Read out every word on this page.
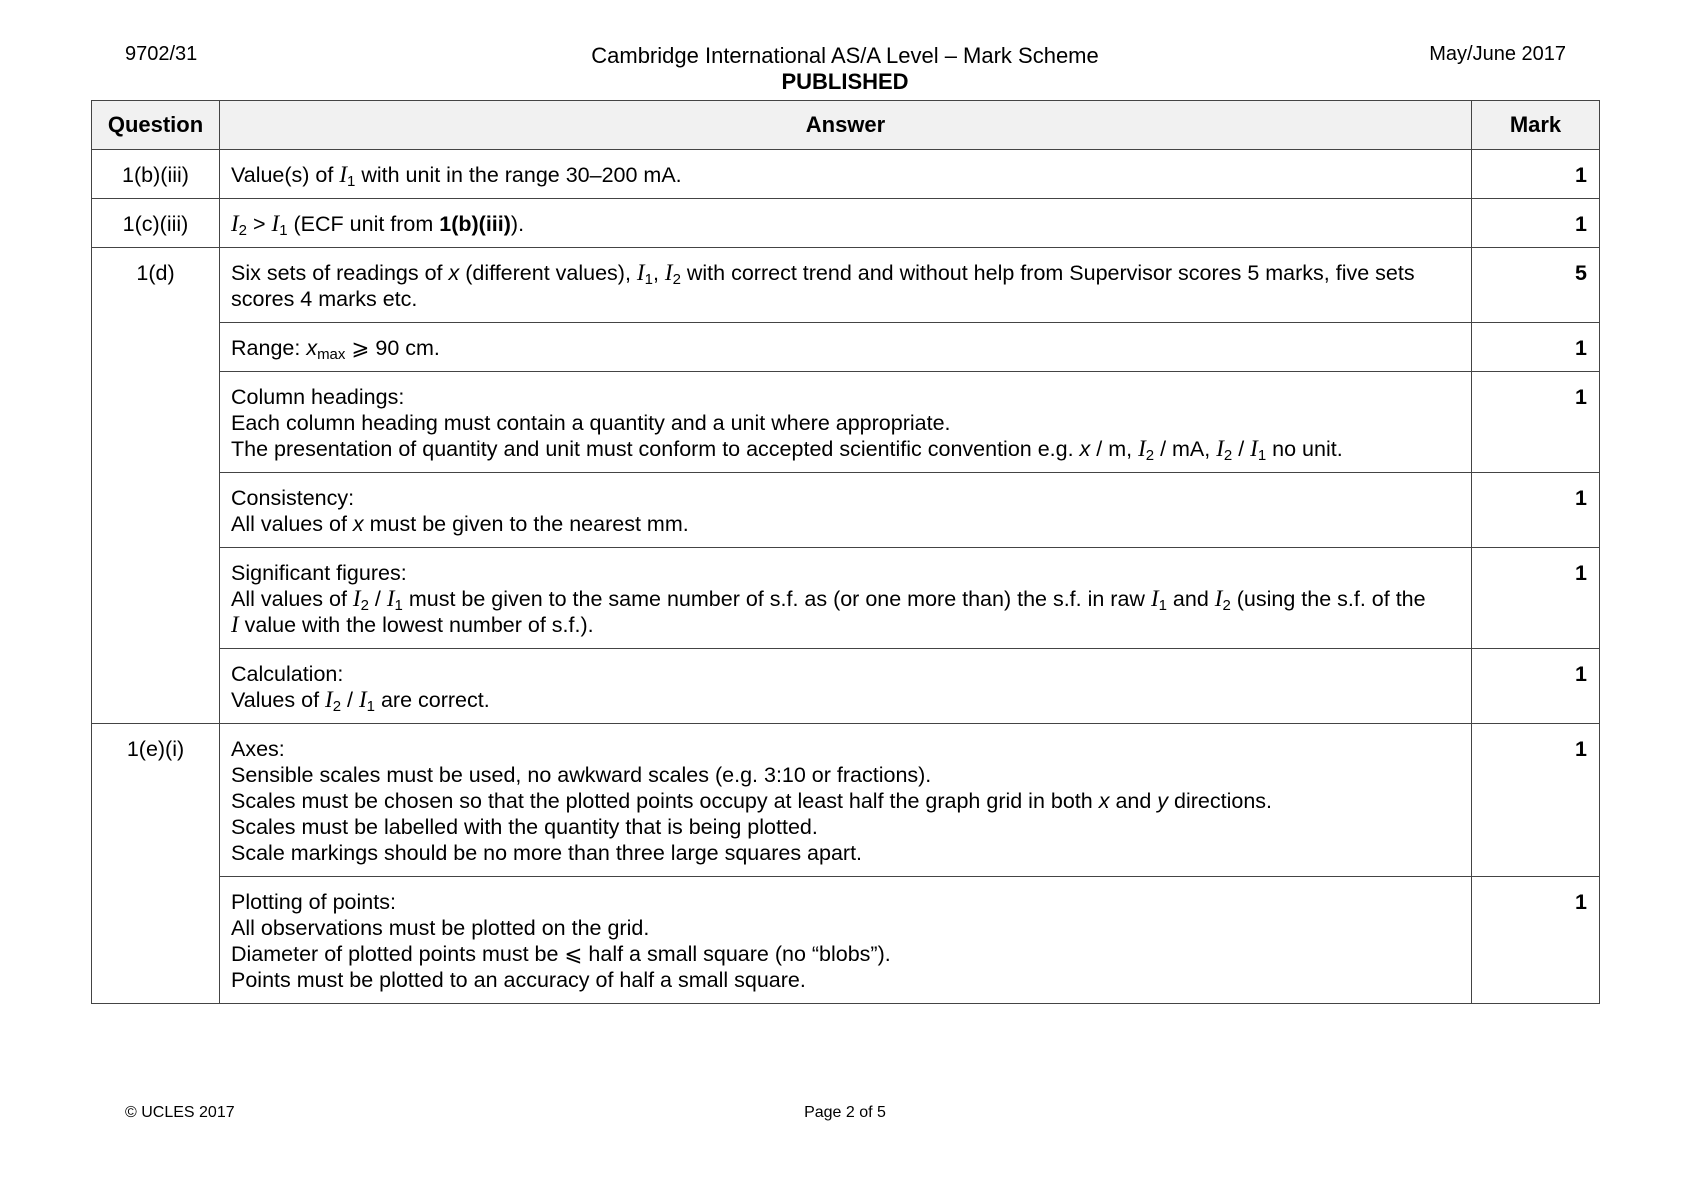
9702/31	Cambridge International AS/A Level – Mark Scheme
PUBLISHED
May/June 2017
Question	Answer	Mark
1(b)(iii)	Value(s) of $I_1$ with unit in the range 30–200 mA.	1
1(c)(iii)	$I_2 > I_1$ (ECF unit from 1(b)(iii)).	1
1(d)	Six sets of readings of x (different values), $I_1$, $I_2$ with correct trend and without help from Supervisor scores 5 marks, five sets
scores 4 marks etc.	5
	Range: $x_{max}$ ⩾ 90 cm.	1

	Column headings:
Each column heading must contain a quantity and a unit where appropriate.
The presentation of quantity and unit must conform to accepted scientific convention e.g. x / m, $I_2$ / mA, $I_2 / I_1$ no unit.	1

	Consistency:
All values of x must be given to the nearest mm.	1

	Significant figures:
All values of $I_2 / I_1$ must be given to the same number of s.f. as (or one more than) the s.f. in raw $I_1$ and $I_2$ (using the s.f. of the
I value with the lowest number of s.f.).	1

	Calculation:
Values of $I_2 / I_1$ are correct.	1
1(e)(i)	Axes:
Sensible scales must be used, no awkward scales (e.g. 3:10 or fractions).
Scales must be chosen so that the plotted points occupy at least half the graph grid in both x and y directions.
Scales must be labelled with the quantity that is being plotted.
Scale markings should be no more than three large squares apart.	1

	Plotting of points:
All observations must be plotted on the grid.
Diameter of plotted points must be ⩽ half a small square (no “blobs”).
Points must be plotted to an accuracy of half a small square.	1
© UCLES 2017	Page 2 of 5
